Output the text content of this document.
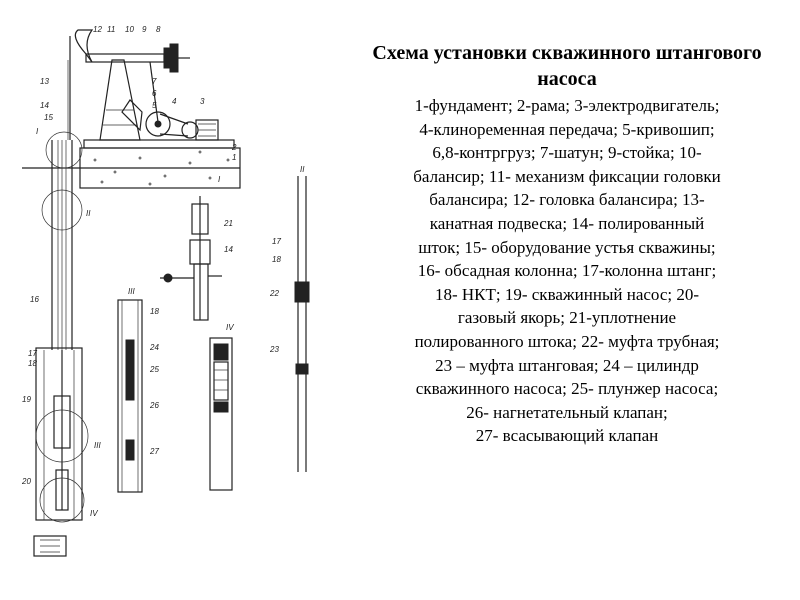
12 11 10 9 8
7
6
5 4	3
2
1
13
14
15
I
II
16
17
18
19
III
20
IV
I
21
14
III
18
24
25
26
27
IV
II
17
18
22
23
Схема установки скважинного штангового насоса
1-фундамент; 2-рама; 3-электродвигатель;
4-клиноременная передача; 5-кривошип;
6,8-контргруз; 7-шатун; 9-стойка; 10-
балансир; 11- механизм фиксации головки
балансира; 12- головка балансира; 13-
канатная подвеска; 14- полированный
шток; 15- оборудование устья скважины;
16- обсадная колонна; 17-колонна штанг;
18- НКТ; 19- скважинный насос; 20-
газовый якорь; 21-уплотнение
полированного штока; 22- муфта трубная;
23 – муфта штанговая; 24 – цилиндр
скважинного насоса; 25- плунжер насоса;
26- нагнетательный клапан;
27- всасывающий клапан
